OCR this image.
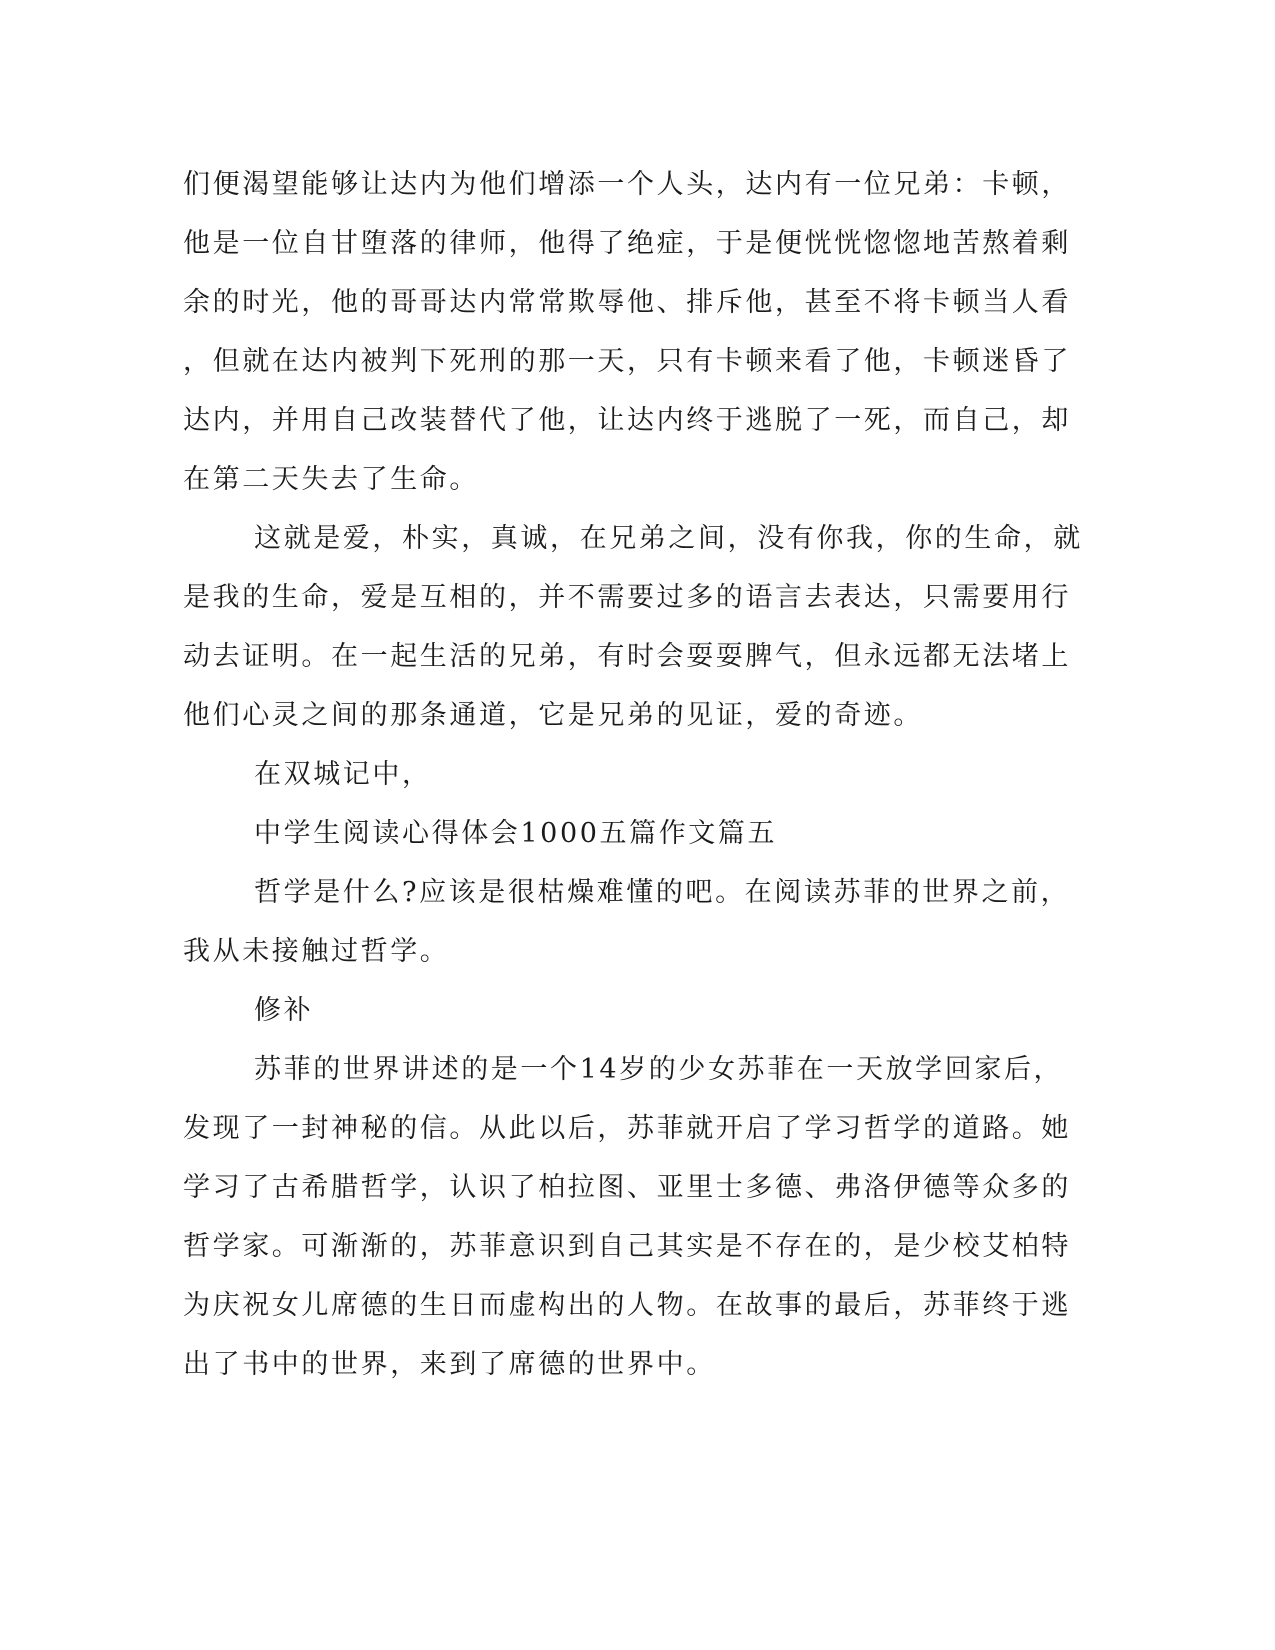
们便渴望能够让达内为他们增添一个人头，达内有一位兄弟：卡顿，
他是一位自甘堕落的律师，他得了绝症，于是便恍恍惚惚地苦熬着剩
余的时光，他的哥哥达内常常欺辱他、排斥他，甚至不将卡顿当人看
，但就在达内被判下死刑的那一天，只有卡顿来看了他，卡顿迷昏了
达内，并用自己改装替代了他，让达内终于逃脱了一死，而自己，却
在第二天失去了生命。
这就是爱，朴实，真诚，在兄弟之间，没有你我，你的生命，就
是我的生命，爱是互相的，并不需要过多的语言去表达，只需要用行
动去证明。在一起生活的兄弟，有时会耍耍脾气，但永远都无法堵上
他们心灵之间的那条通道，它是兄弟的见证，爱的奇迹。
在双城记中，
中学生阅读心得体会1000五篇作文篇五
哲学是什么?应该是很枯燥难懂的吧。在阅读苏菲的世界之前，
我从未接触过哲学。
修补
苏菲的世界讲述的是一个14岁的少女苏菲在一天放学回家后，
发现了一封神秘的信。从此以后，苏菲就开启了学习哲学的道路。她
学习了古希腊哲学，认识了柏拉图、亚里士多德、弗洛伊德等众多的
哲学家。可渐渐的，苏菲意识到自己其实是不存在的，是少校艾柏特
为庆祝女儿席德的生日而虚构出的人物。在故事的最后，苏菲终于逃
出了书中的世界，来到了席德的世界中。
